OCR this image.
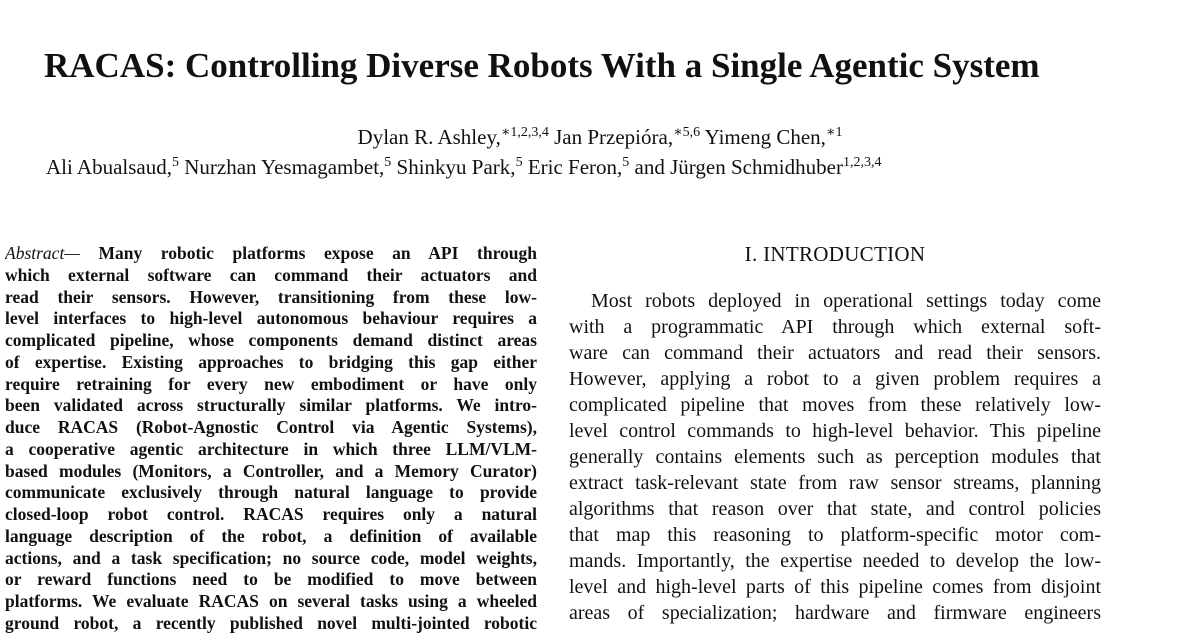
RACAS: Controlling Diverse Robots With a Single Agentic System
Dylan R. Ashley,$^{∗1,2,3,4}$ Jan Przepióra,$^{∗5,6}$ Yimeng Chen,$^{∗1}$
Ali Abualsaud,$^5$ Nurzhan Yesmagambet,$^5$ Shinkyu Park,$^5$ Eric Feron,$^5$ and Jürgen Schmidhuber$^{1,2,3,4}$
Abstract— Many robotic platforms expose an API through
which external software can command their actuators and
read their sensors. However, transitioning from these low-
level interfaces to high-level autonomous behaviour requires a
complicated pipeline, whose components demand distinct areas
of expertise. Existing approaches to bridging this gap either
require retraining for every new embodiment or have only
been validated across structurally similar platforms. We intro-
duce RACAS (Robot-Agnostic Control via Agentic Systems),
a cooperative agentic architecture in which three LLM/VLM-
based modules (Monitors, a Controller, and a Memory Curator)
communicate exclusively through natural language to provide
closed-loop robot control. RACAS requires only a natural
language description of the robot, a definition of available
actions, and a task specification; no source code, model weights,
or reward functions need to be modified to move between
platforms. We evaluate RACAS on several tasks using a wheeled
ground robot, a recently published novel multi-jointed robotic
I. INTRODUCTION
Most robots deployed in operational settings today come
with a programmatic API through which external soft-
ware can command their actuators and read their sensors.
However, applying a robot to a given problem requires a
complicated pipeline that moves from these relatively low-
level control commands to high-level behavior. This pipeline
generally contains elements such as perception modules that
extract task-relevant state from raw sensor streams, planning
algorithms that reason over that state, and control policies
that map this reasoning to platform-specific motor com-
mands. Importantly, the expertise needed to develop the low-
level and high-level parts of this pipeline comes from disjoint
areas of specialization; hardware and firmware engineers
